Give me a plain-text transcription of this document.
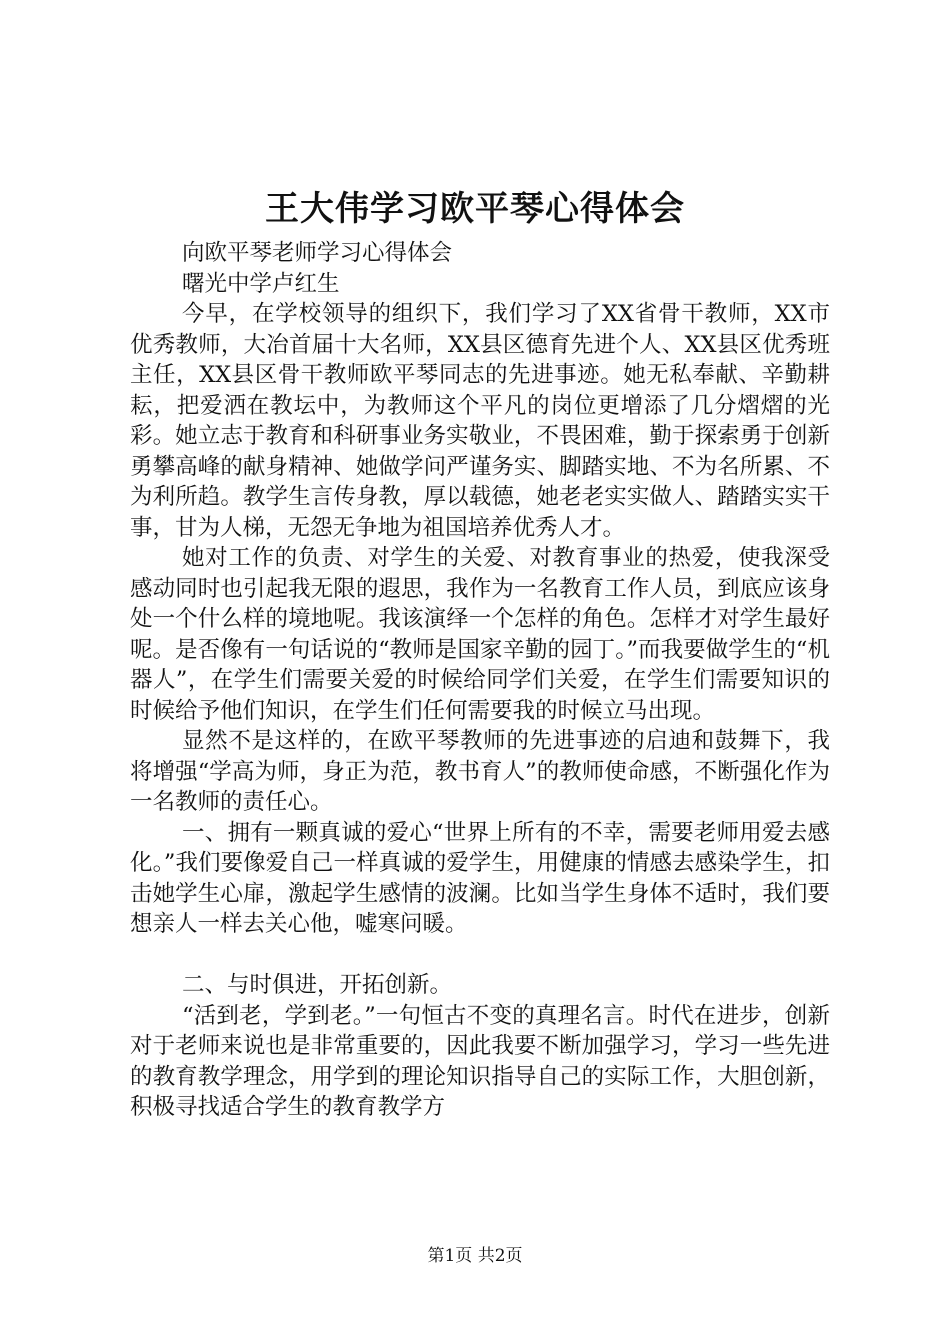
王大伟学习欧平琴心得体会

向欧平琴老师学习心得体会

曙光中学卢红生

今早，在学校领导的组织下，我们学习了XX省骨干教师，XX市优秀教师，大冶首届十大名师，XX县区德育先进个人、XX县区优秀班主任，XX县区骨干教师欧平琴同志的先进事迹。她无私奉献、辛勤耕耘，把爱洒在教坛中，为教师这个平凡的岗位更增添了几分熠熠的光彩。她立志于教育和科研事业务实敬业，不畏困难，勤于探索勇于创新勇攀高峰的献身精神、她做学问严谨务实、脚踏实地、不为名所累、不为利所趋。教学生言传身教，厚以载德，她老老实实做人、踏踏实实干事，甘为人梯，无怨无争地为祖国培养优秀人才。

她对工作的负责、对学生的关爱、对教育事业的热爱，使我深受感动同时也引起我无限的遐思，我作为一名教育工作人员，到底应该身处一个什么样的境地呢。我该演绎一个怎样的角色。怎样才对学生最好呢。是否像有一句话说的“教师是国家辛勤的园丁。”而我要做学生的“机器人”，在学生们需要关爱的时候给同学们关爱，在学生们需要知识的时候给予他们知识，在学生们任何需要我的时候立马出现。

显然不是这样的，在欧平琴教师的先进事迹的启迪和鼓舞下，我将增强“学高为师，身正为范，教书育人”的教师使命感，不断强化作为一名教师的责任心。

一、拥有一颗真诚的爱心“世界上所有的不幸，需要老师用爱去感化。”我们要像爱自己一样真诚的爱学生，用健康的情感去感染学生，扣击她学生心扉，激起学生感情的波澜。比如当学生身体不适时，我们要想亲人一样去关心他，嘘寒问暖。

二、与时俱进，开拓创新。

“活到老，学到老。”一句恒古不变的真理名言。时代在进步，创新对于老师来说也是非常重要的，因此我要不断加强学习，学习一些先进的教育教学理念，用学到的理论知识指导自己的实际工作，大胆创新，积极寻找适合学生的教育教学方

第1页 共2页
